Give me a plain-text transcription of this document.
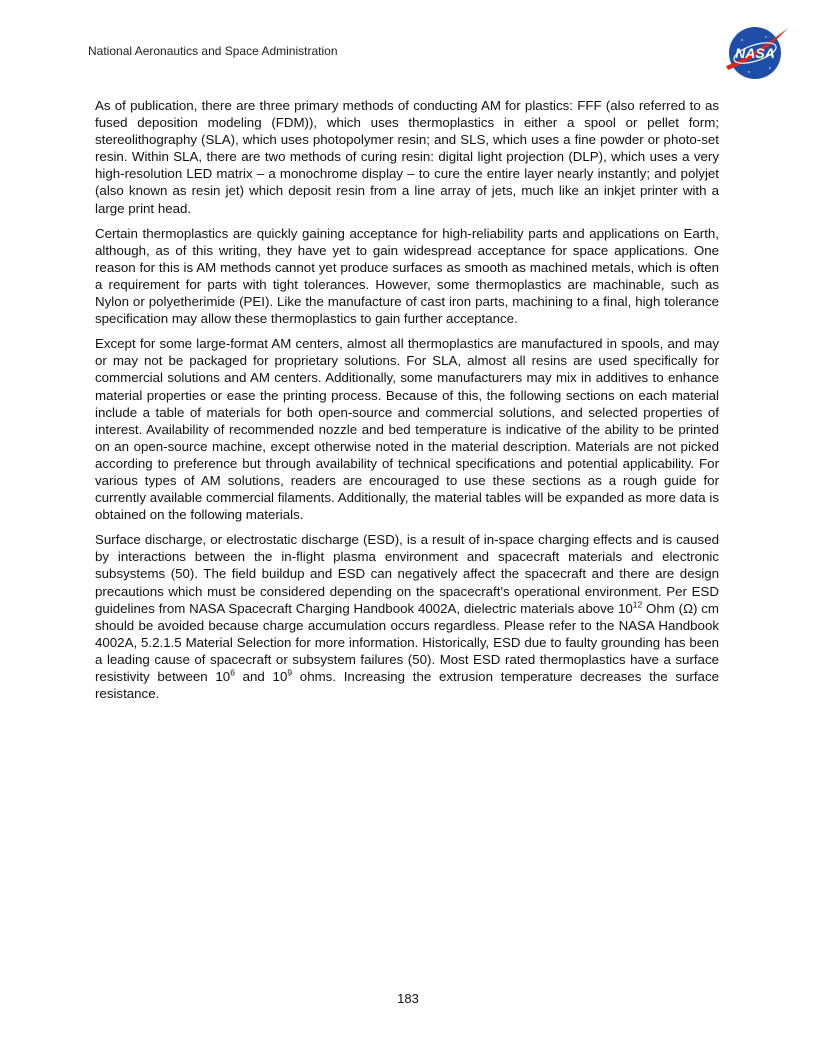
National Aeronautics and Space Administration	NASA

As of publication, there are three primary methods of conducting AM for plastics: FFF (also referred to as fused deposition modeling (FDM)), which uses thermoplastics in either a spool or pellet form; stereolithography (SLA), which uses photopolymer resin; and SLS, which uses a fine powder or photo-set resin. Within SLA, there are two methods of curing resin: digital light projection (DLP), which uses a very high-resolution LED matrix – a monochrome display – to cure the entire layer nearly instantly; and polyjet (also known as resin jet) which deposit resin from a line array of jets, much like an inkjet printer with a large print head.

Certain thermoplastics are quickly gaining acceptance for high-reliability parts and applications on Earth, although, as of this writing, they have yet to gain widespread acceptance for space applications. One reason for this is AM methods cannot yet produce surfaces as smooth as machined metals, which is often a requirement for parts with tight tolerances. However, some thermoplastics are machinable, such as Nylon or polyetherimide (PEI). Like the manufacture of cast iron parts, machining to a final, high tolerance specification may allow these thermoplastics to gain further acceptance.

Except for some large-format AM centers, almost all thermoplastics are manufactured in spools, and may or may not be packaged for proprietary solutions. For SLA, almost all resins are used specifically for commercial solutions and AM centers. Additionally, some manufacturers may mix in additives to enhance material properties or ease the printing process. Because of this, the following sections on each material include a table of materials for both open-source and commercial solutions, and selected properties of interest. Availability of recommended nozzle and bed temperature is indicative of the ability to be printed on an open-source machine, except otherwise noted in the material description. Materials are not picked according to preference but through availability of technical specifications and potential applicability. For various types of AM solutions, readers are encouraged to use these sections as a rough guide for currently available commercial filaments. Additionally, the material tables will be expanded as more data is obtained on the following materials.

Surface discharge, or electrostatic discharge (ESD), is a result of in-space charging effects and is caused by interactions between the in-flight plasma environment and spacecraft materials and electronic subsystems (50). The field buildup and ESD can negatively affect the spacecraft and there are design precautions which must be considered depending on the spacecraft's operational environment. Per ESD guidelines from NASA Spacecraft Charging Handbook 4002A, dielectric materials above $10^{12}$ Ohm (Ω) cm should be avoided because charge accumulation occurs regardless. Please refer to the NASA Handbook 4002A, 5.2.1.5 Material Selection for more information. Historically, ESD due to faulty grounding has been a leading cause of spacecraft or subsystem failures (50). Most ESD rated thermoplastics have a surface resistivity between $10^6$ and $10^9$ ohms. Increasing the extrusion temperature decreases the surface resistance.

183
